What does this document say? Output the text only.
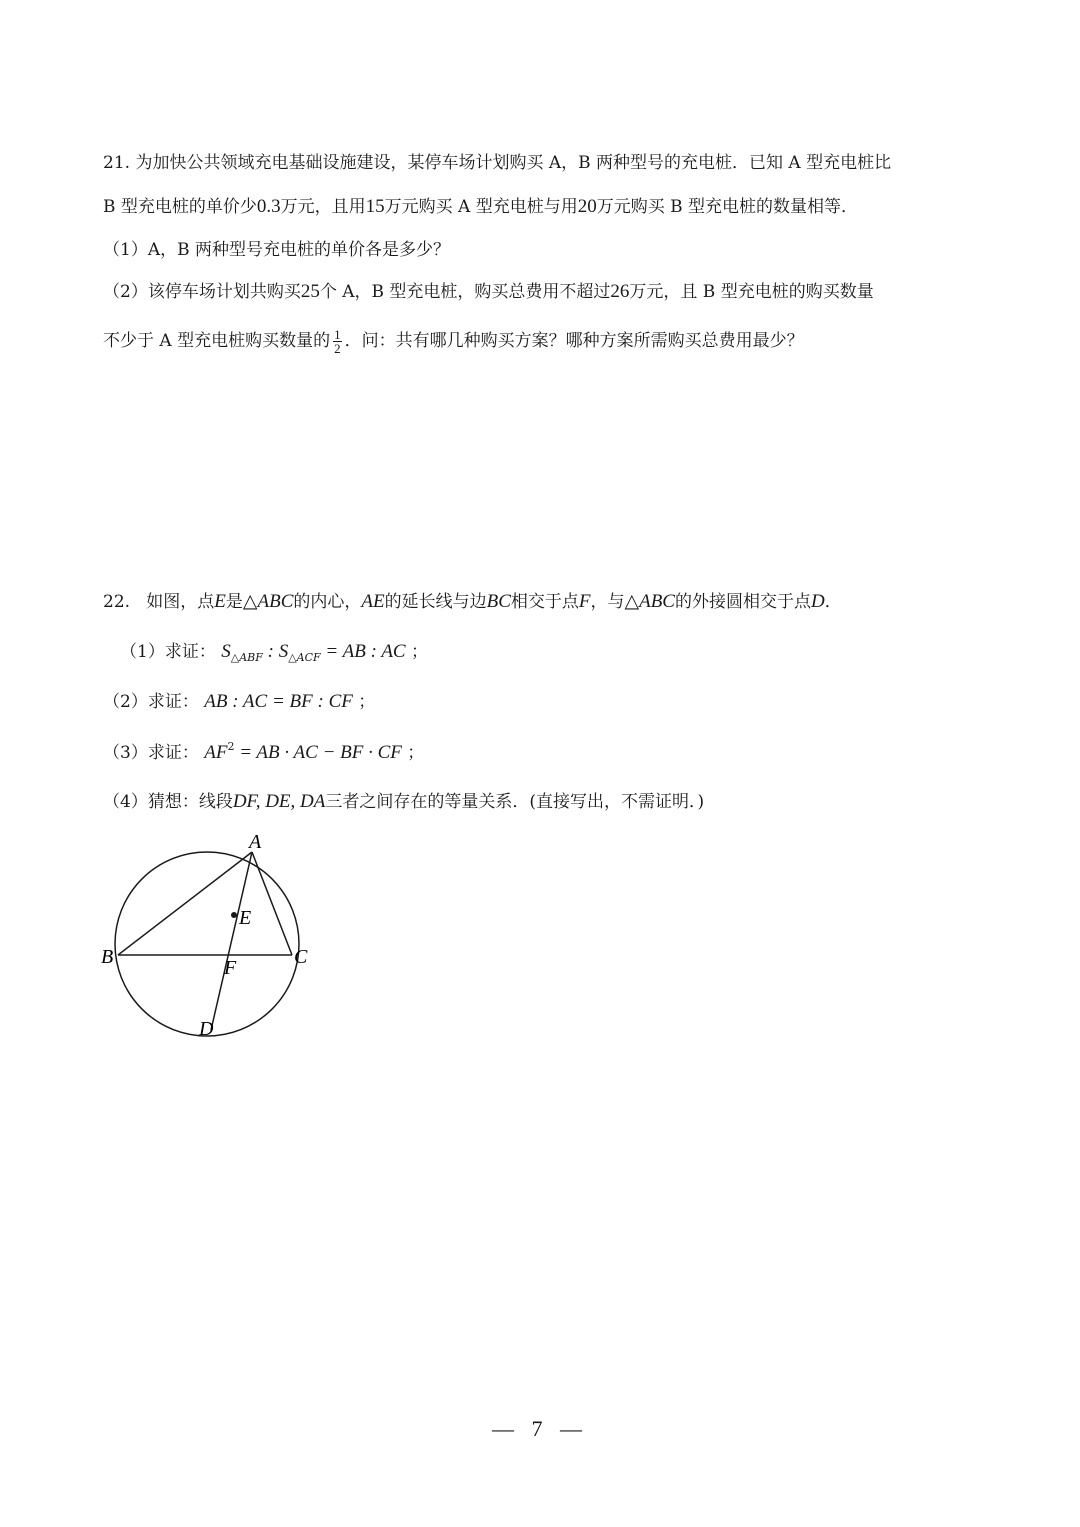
21. 为加快公共领域充电基础设施建设，某停车场计划购买 A，B 两种型号的充电桩．已知 A 型充电桩比
B 型充电桩的单价少0.3万元，且用15万元购买 A 型充电桩与用20万元购买 B 型充电桩的数量相等．
（1）A，B 两种型号充电桩的单价各是多少？
（2）该停车场计划共购买25个 A，B 型充电桩，购买总费用不超过26万元，且 B 型充电桩的购买数量
不少于 A 型充电桩购买数量的 $\frac{1}{2}$ ．问：共有哪几种购买方案？哪种方案所需购买总费用最少？
22. 如图，点E是△ABC的内心，AE的延长线与边BC相交于点F，与△ABC的外接圆相交于点D．
（1）求证： $S_{\triangle ABF}$ : $S_{\triangle ACF}$ = AB : AC ；
（2）求证： AB : AC = BF : CF ；
（3）求证： $AF^2$ = AB · AC − BF · CF ；
（4）猜想：线段DF, DE, DA三者之间存在的等量关系．(直接写出，不需证明．)
A
B	C
D
E
F
— 7 —
